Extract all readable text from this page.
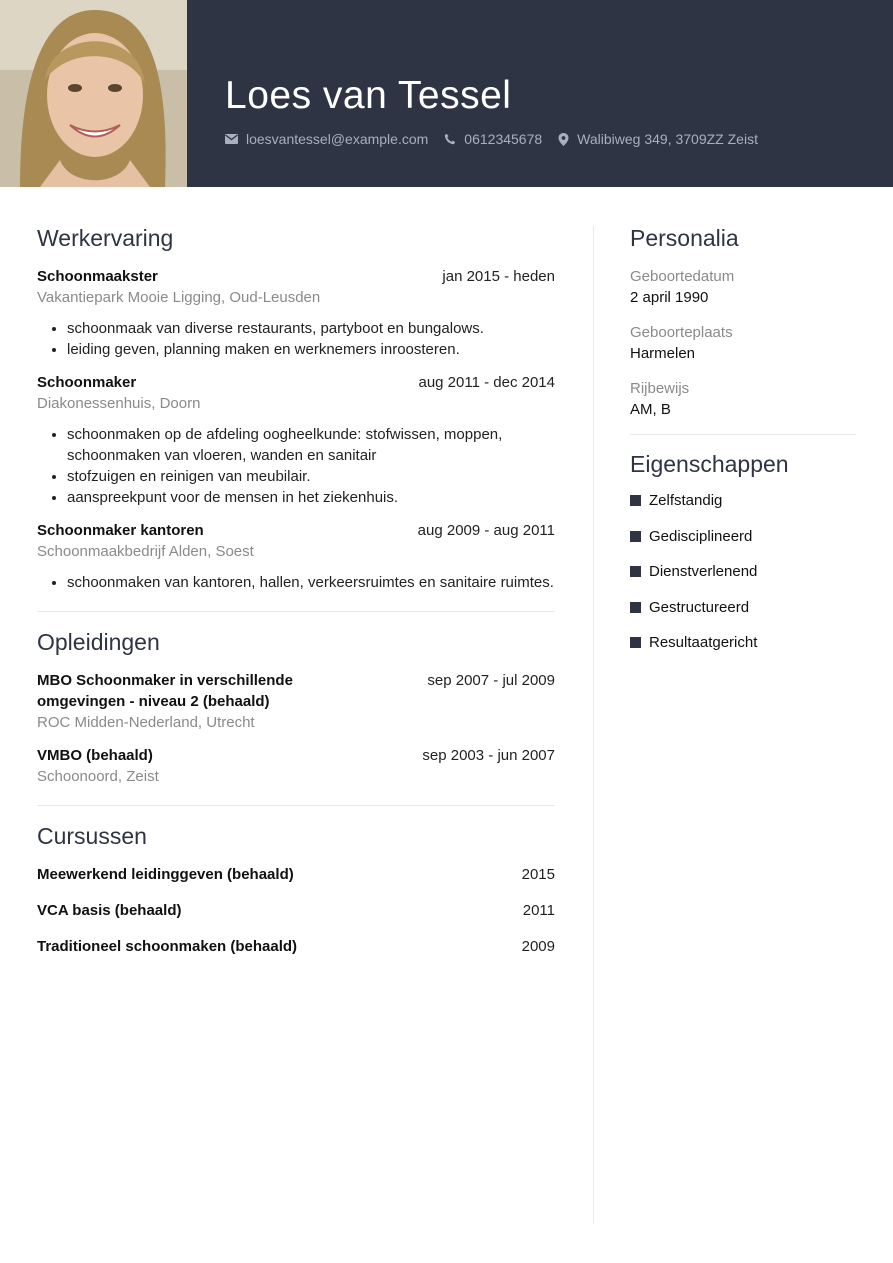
Loes van Tessel
loesvantessel@example.com	0612345678	Walibiweg 349, 3709ZZ Zeist
Werkervaring
Schoonmaakster	jan 2015 - heden
Vakantiepark Mooie Ligging, Oud-Leusden
• schoonmaak van diverse restaurants, partyboot en bungalows.
• leiding geven, planning maken en werknemers inroosteren.
Schoonmaker	aug 2011 - dec 2014
Diakonessenhuis, Doorn
• schoonmaken op de afdeling oogheelkunde: stofwissen, moppen, schoonmaken van vloeren, wanden en sanitair
• stofzuigen en reinigen van meubilair.
• aanspreekpunt voor de mensen in het ziekenhuis.
Schoonmaker kantoren	aug 2009 - aug 2011
Schoonmaakbedrijf Alden, Soest
• schoonmaken van kantoren, hallen, verkeersruimtes en sanitaire ruimtes.
Opleidingen
MBO Schoonmaker in verschillende omgevingen - niveau 2 (behaald)
sep 2007 - jul 2009
ROC Midden-Nederland, Utrecht
VMBO (behaald)	sep 2003 - jun 2007
Schoonoord, Zeist
Cursussen
Meewerkend leidinggeven (behaald)	2015
VCA basis (behaald)	2011
Traditioneel schoonmaken (behaald)	2009
Personalia
Geboortedatum
2 april 1990
Geboorteplaats
Harmelen
Rijbewijs
AM, B
Eigenschappen
Zelfstandig
Gedisciplineerd
Dienstverlenend
Gestructureerd
Resultaatgericht
